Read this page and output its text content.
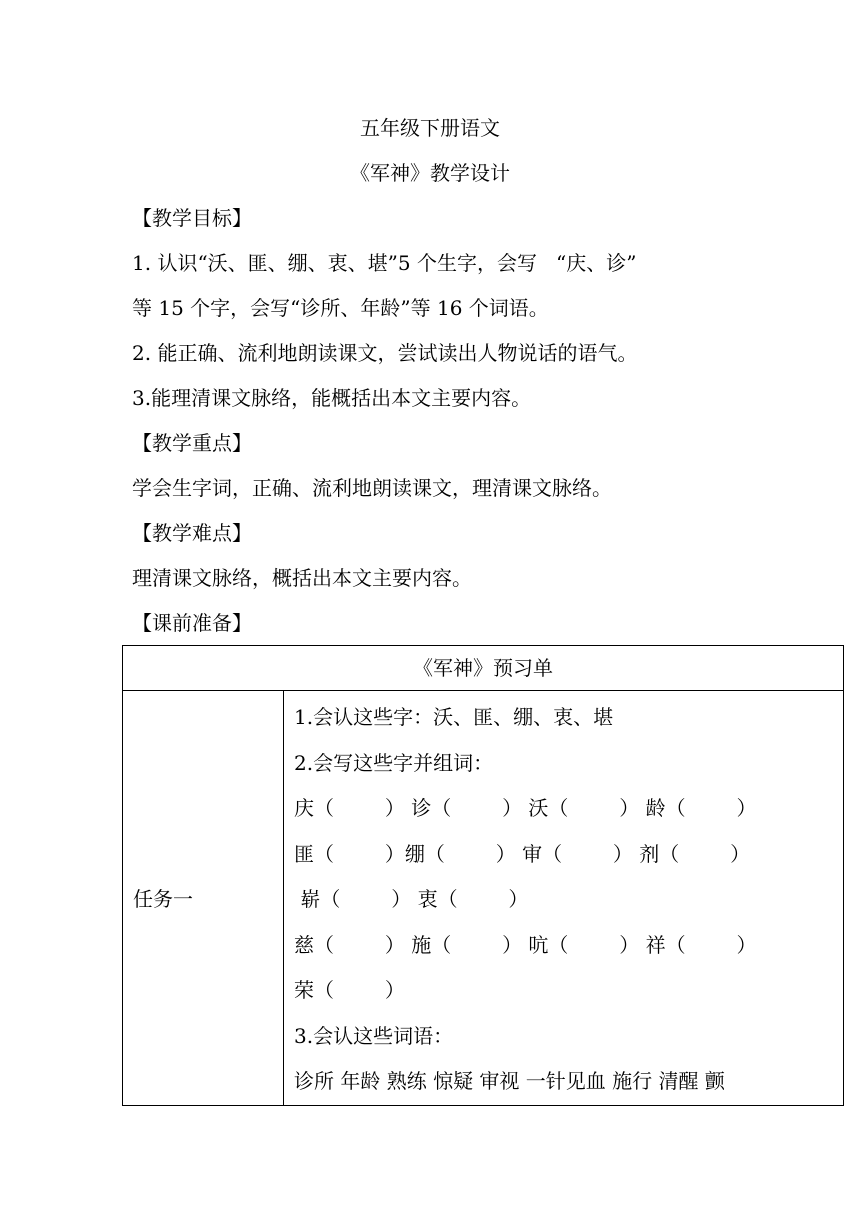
五年级下册语文
《军神》教学设计
【教学目标】
1. 认识“沃、匪、绷、衷、堪”5 个生字，会写   “庆、诊”
等 15 个字，会写“诊所、年龄”等 16 个词语。
2. 能正确、流利地朗读课文，尝试读出人物说话的语气。
3.能理清课文脉络，能概括出本文主要内容。
【教学重点】
学会生字词，正确、流利地朗读课文，理清课文脉络。
【教学难点】
理清课文脉络，概括出本文主要内容。
【课前准备】
《军神》预习单
任务一	
1.会认这些字：沃、匪、绷、衷、堪
2.会写这些字并组词：
庆（        ） 诊（        ） 沃（        ） 龄（        ）
匪（        ）绷（        ） 审（        ） 剂（        ）
崭（        ） 衷（        ）
慈（        ） 施（        ） 吭（        ） 祥（        ）
荣（        ）
3.会认这些词语：
诊所 年龄 熟练 惊疑 审视 一针见血 施行 清醒 颤
